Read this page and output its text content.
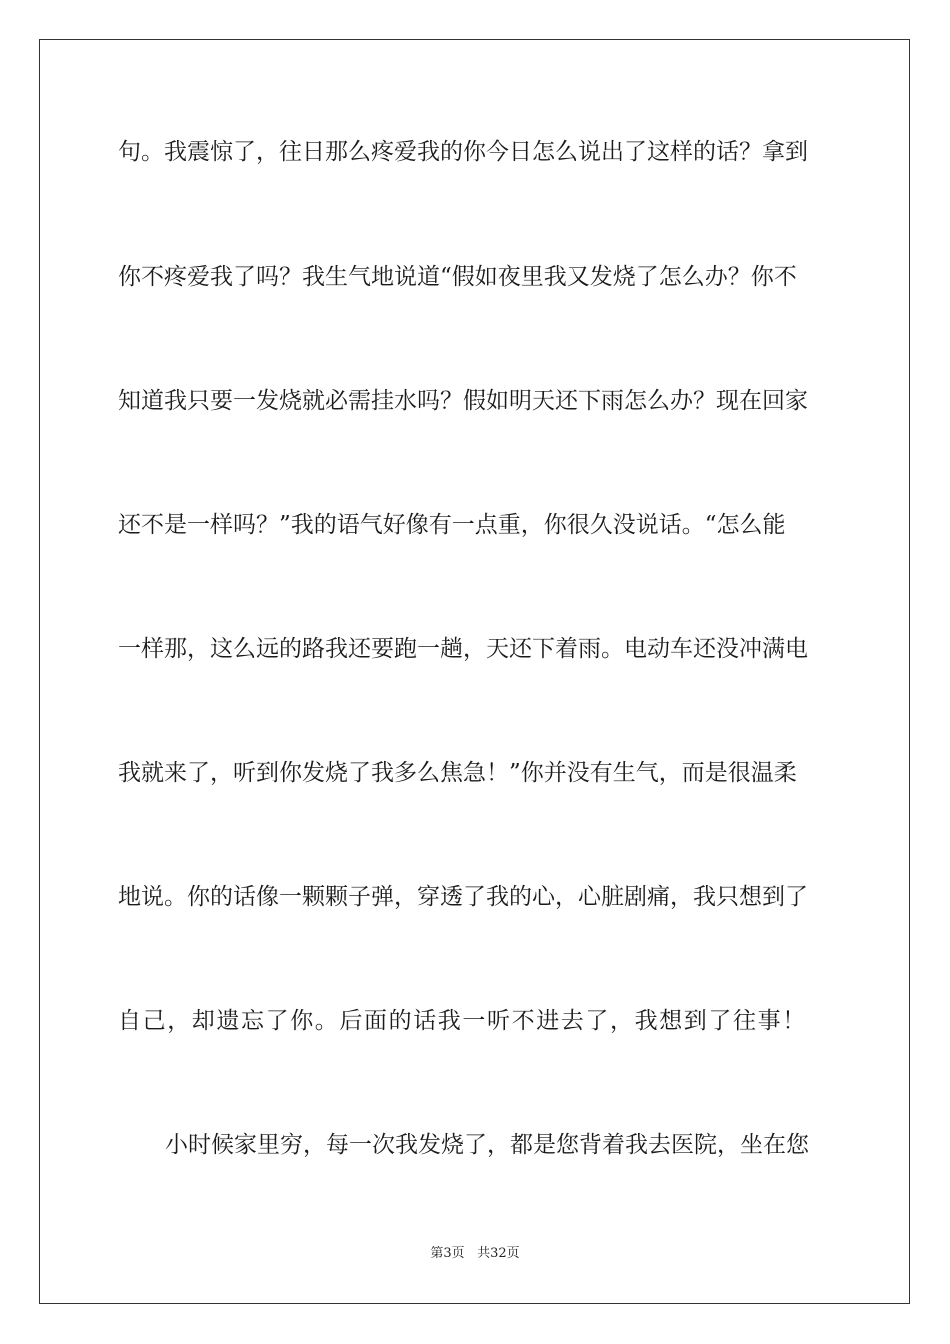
句。我震惊了，往日那么疼爱我的你今日怎么说出了这样的话？拿到
你不疼爱我了吗？我生气地说道“假如夜里我又发烧了怎么办？你不
知道我只要一发烧就必需挂水吗？假如明天还下雨怎么办？现在回家
还不是一样吗？”我的语气好像有一点重，你很久没说话。“怎么能
一样那，这么远的路我还要跑一趟，天还下着雨。电动车还没冲满电
我就来了，听到你发烧了我多么焦急！”你并没有生气，而是很温柔
地说。你的话像一颗颗子弹，穿透了我的心，心脏剧痛，我只想到了
自己，却遗忘了你。后面的话我一听不进去了，我想到了往事！
小时候家里穷，每一次我发烧了，都是您背着我去医院，坐在您
第3页 共32页
